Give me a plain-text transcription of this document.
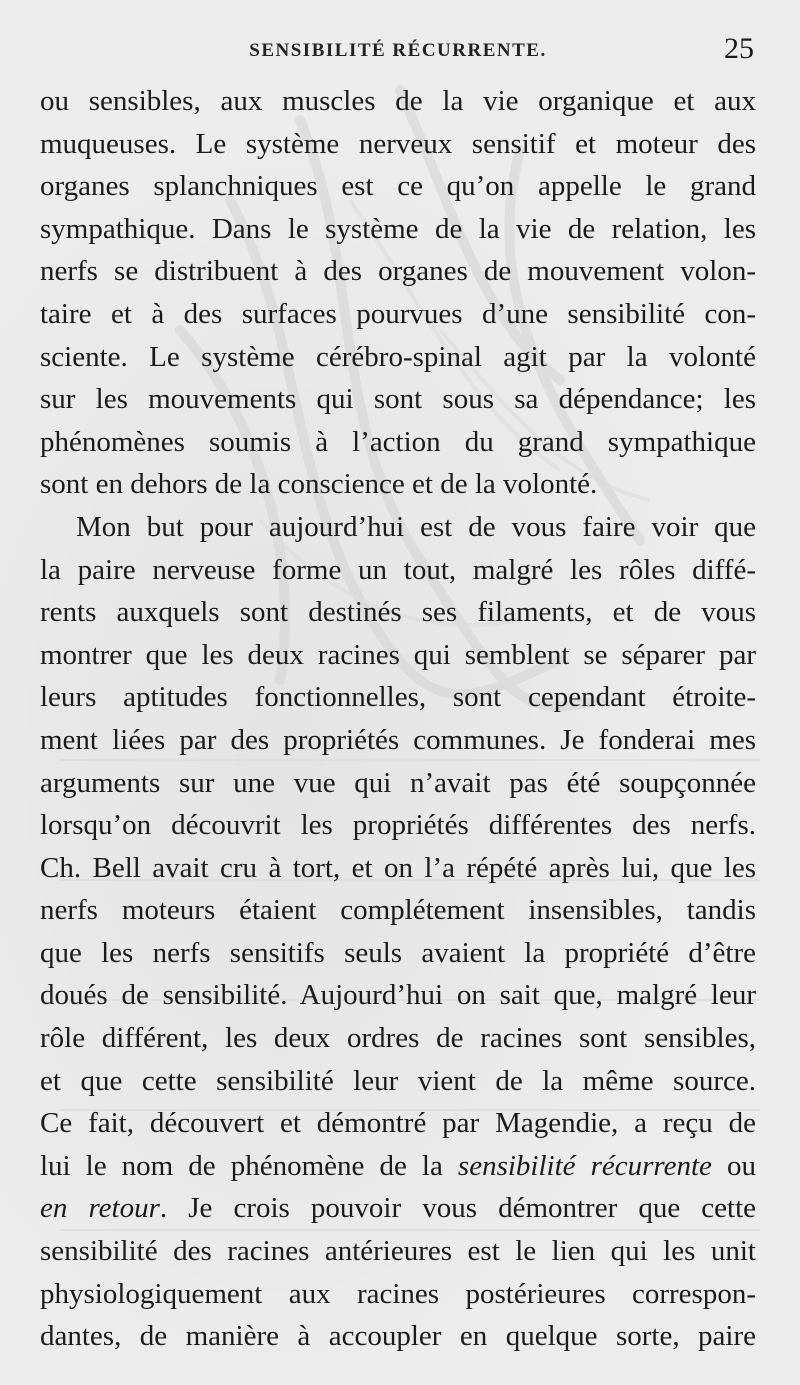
SENSIBILITÉ RÉCURRENTE.	25
ou sensibles, aux muscles de la vie organique et aux
muqueuses. Le système nerveux sensitif et moteur des
organes splanchniques est ce qu’on appelle le grand
sympathique. Dans le système de la vie de relation, les
nerfs se distribuent à des organes de mouvement volon-
taire et à des surfaces pourvues d’une sensibilité con-
sciente. Le système cérébro-spinal agit par la volonté
sur les mouvements qui sont sous sa dépendance; les
phénomènes soumis à l’action du grand sympathique
sont en dehors de la conscience et de la volonté.
Mon but pour aujourd’hui est de vous faire voir que
la paire nerveuse forme un tout, malgré les rôles diffé-
rents auxquels sont destinés ses filaments, et de vous
montrer que les deux racines qui semblent se séparer par
leurs aptitudes fonctionnelles, sont cependant étroite-
ment liées par des propriétés communes. Je fonderai mes
arguments sur une vue qui n’avait pas été soupçonnée
lorsqu’on découvrit les propriétés différentes des nerfs.
Ch. Bell avait cru à tort, et on l’a répété après lui, que les
nerfs moteurs étaient complétement insensibles, tandis
que les nerfs sensitifs seuls avaient la propriété d’être
doués de sensibilité. Aujourd’hui on sait que, malgré leur
rôle différent, les deux ordres de racines sont sensibles,
et que cette sensibilité leur vient de la même source.
Ce fait, découvert et démontré par Magendie, a reçu de
lui le nom de phénomène de la sensibilité récurrente ou
en retour. Je crois pouvoir vous démontrer que cette
sensibilité des racines antérieures est le lien qui les unit
physiologiquement aux racines postérieures correspon-
dantes, de manière à accoupler en quelque sorte, paire
